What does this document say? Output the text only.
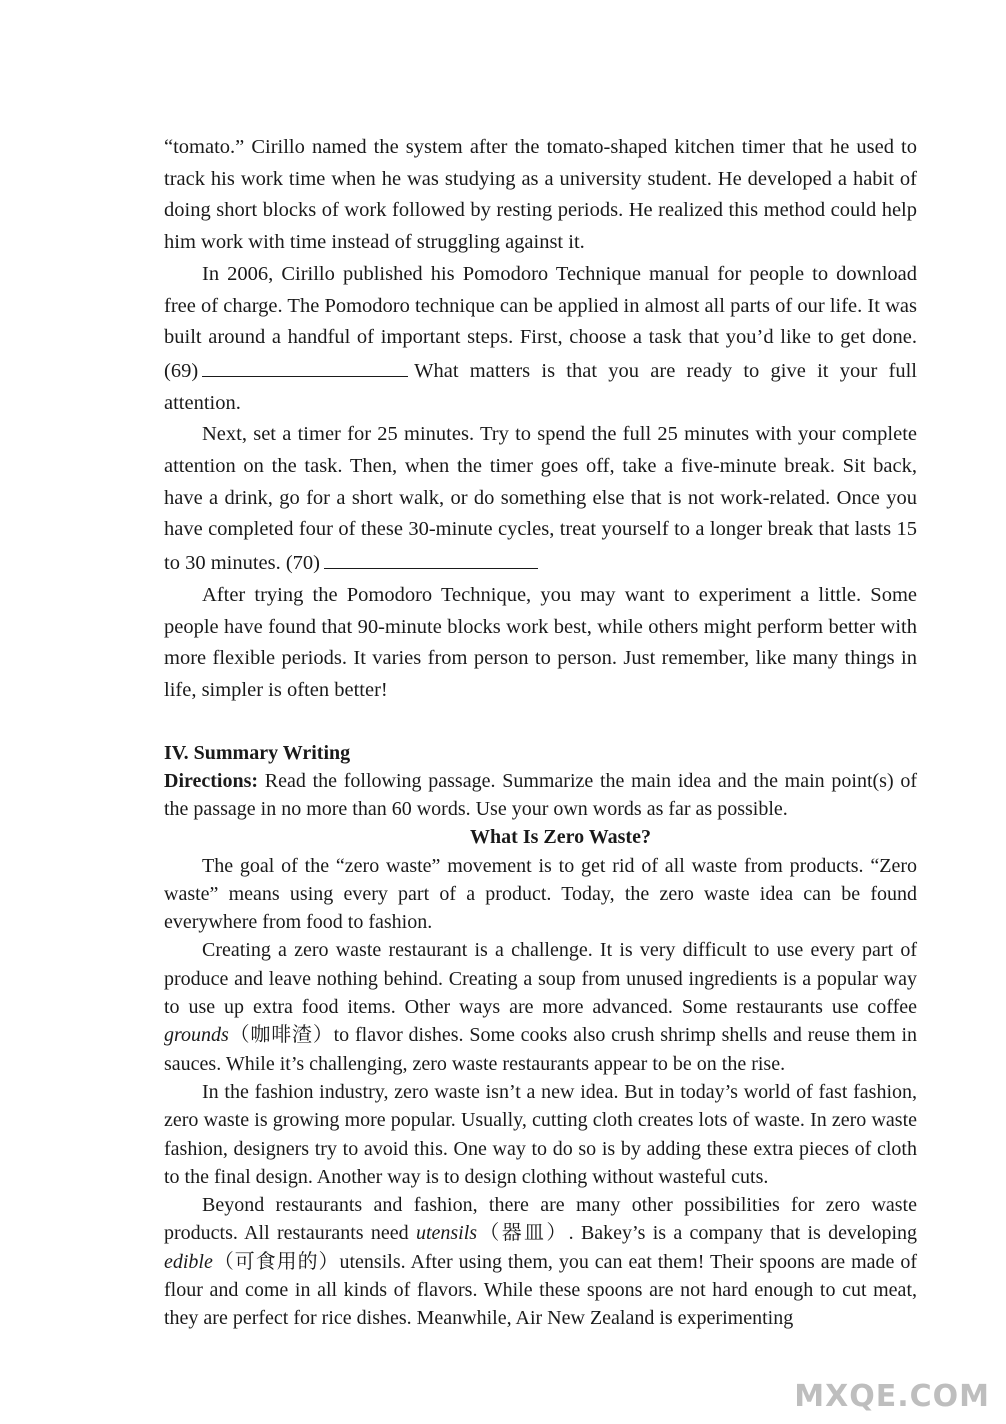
“tomato.” Cirillo named the system after the tomato-shaped kitchen timer that he used to track his work time when he was studying as a university student. He developed a habit of doing short blocks of work followed by resting periods. He realized this method could help him work with time instead of struggling against it.

In 2006, Cirillo published his Pomodoro Technique manual for people to download free of charge. The Pomodoro technique can be applied in almost all parts of our life. It was built around a handful of important steps. First, choose a task that you’d like to get done. (69)	What matters is that you are ready to give it your full attention.

Next, set a timer for 25 minutes. Try to spend the full 25 minutes with your complete attention on the task. Then, when the timer goes off, take a five-minute break. Sit back, have a drink, go for a short walk, or do something else that is not work-related. Once you have completed four of these 30-minute cycles, treat yourself to a longer break that lasts 15 to 30 minutes. (70)

After trying the Pomodoro Technique, you may want to experiment a little. Some people have found that 90-minute blocks work best, while others might perform better with more flexible periods. It varies from person to person. Just remember, like many things in life, simpler is often better!

IV. Summary Writing

Directions: Read the following passage. Summarize the main idea and the main point(s) of the passage in no more than 60 words. Use your own words as far as possible.

What Is Zero Waste?

The goal of the “zero waste” movement is to get rid of all waste from products. “Zero waste” means using every part of a product. Today, the zero waste idea can be found everywhere from food to fashion.

Creating a zero waste restaurant is a challenge. It is very difficult to use every part of produce and leave nothing behind. Creating a soup from unused ingredients is a popular way to use up extra food items. Other ways are more advanced. Some restaurants use coffee grounds（咖啡渣）to flavor dishes. Some cooks also crush shrimp shells and reuse them in sauces. While it’s challenging, zero waste restaurants appear to be on the rise.

In the fashion industry, zero waste isn’t a new idea. But in today’s world of fast fashion, zero waste is growing more popular. Usually, cutting cloth creates lots of waste. In zero waste fashion, designers try to avoid this. One way to do so is by adding these extra pieces of cloth to the final design. Another way is to design clothing without wasteful cuts.

Beyond restaurants and fashion, there are many other possibilities for zero waste products. All restaurants need utensils（器皿）. Bakey’s is a company that is developing edible（可食用的）utensils. After using them, you can eat them! Their spoons are made of flour and come in all kinds of flavors. While these spoons are not hard enough to cut meat, they are perfect for rice dishes. Meanwhile, Air New Zealand is experimenting

MXQE.COM
